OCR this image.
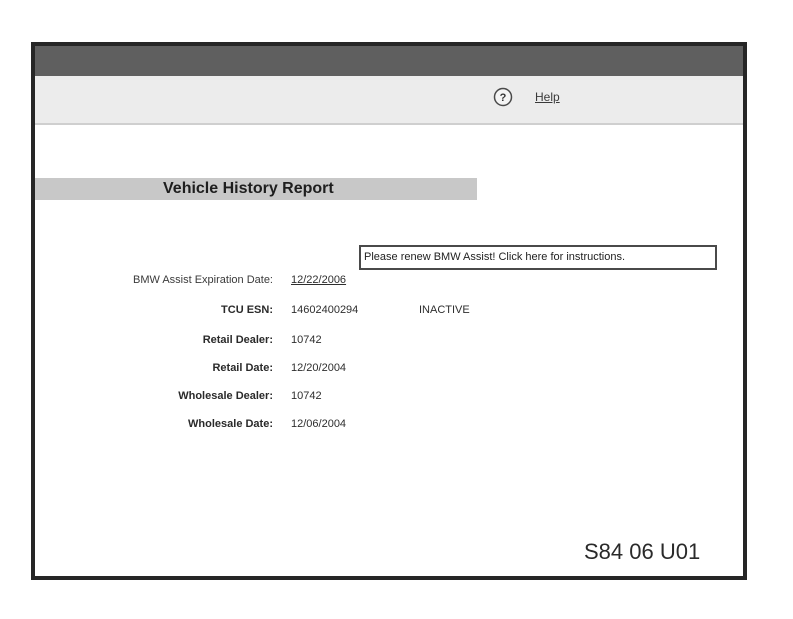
? Help
Vehicle History Report
Please renew BMW Assist! Click here for instructions.
BMW Assist Expiration Date: 12/22/2006
TCU ESN: 14602400294	INACTIVE
Retail Dealer: 10742
Retail Date: 12/20/2004
Wholesale Dealer: 10742
Wholesale Date: 12/06/2004
S84 06 U01
